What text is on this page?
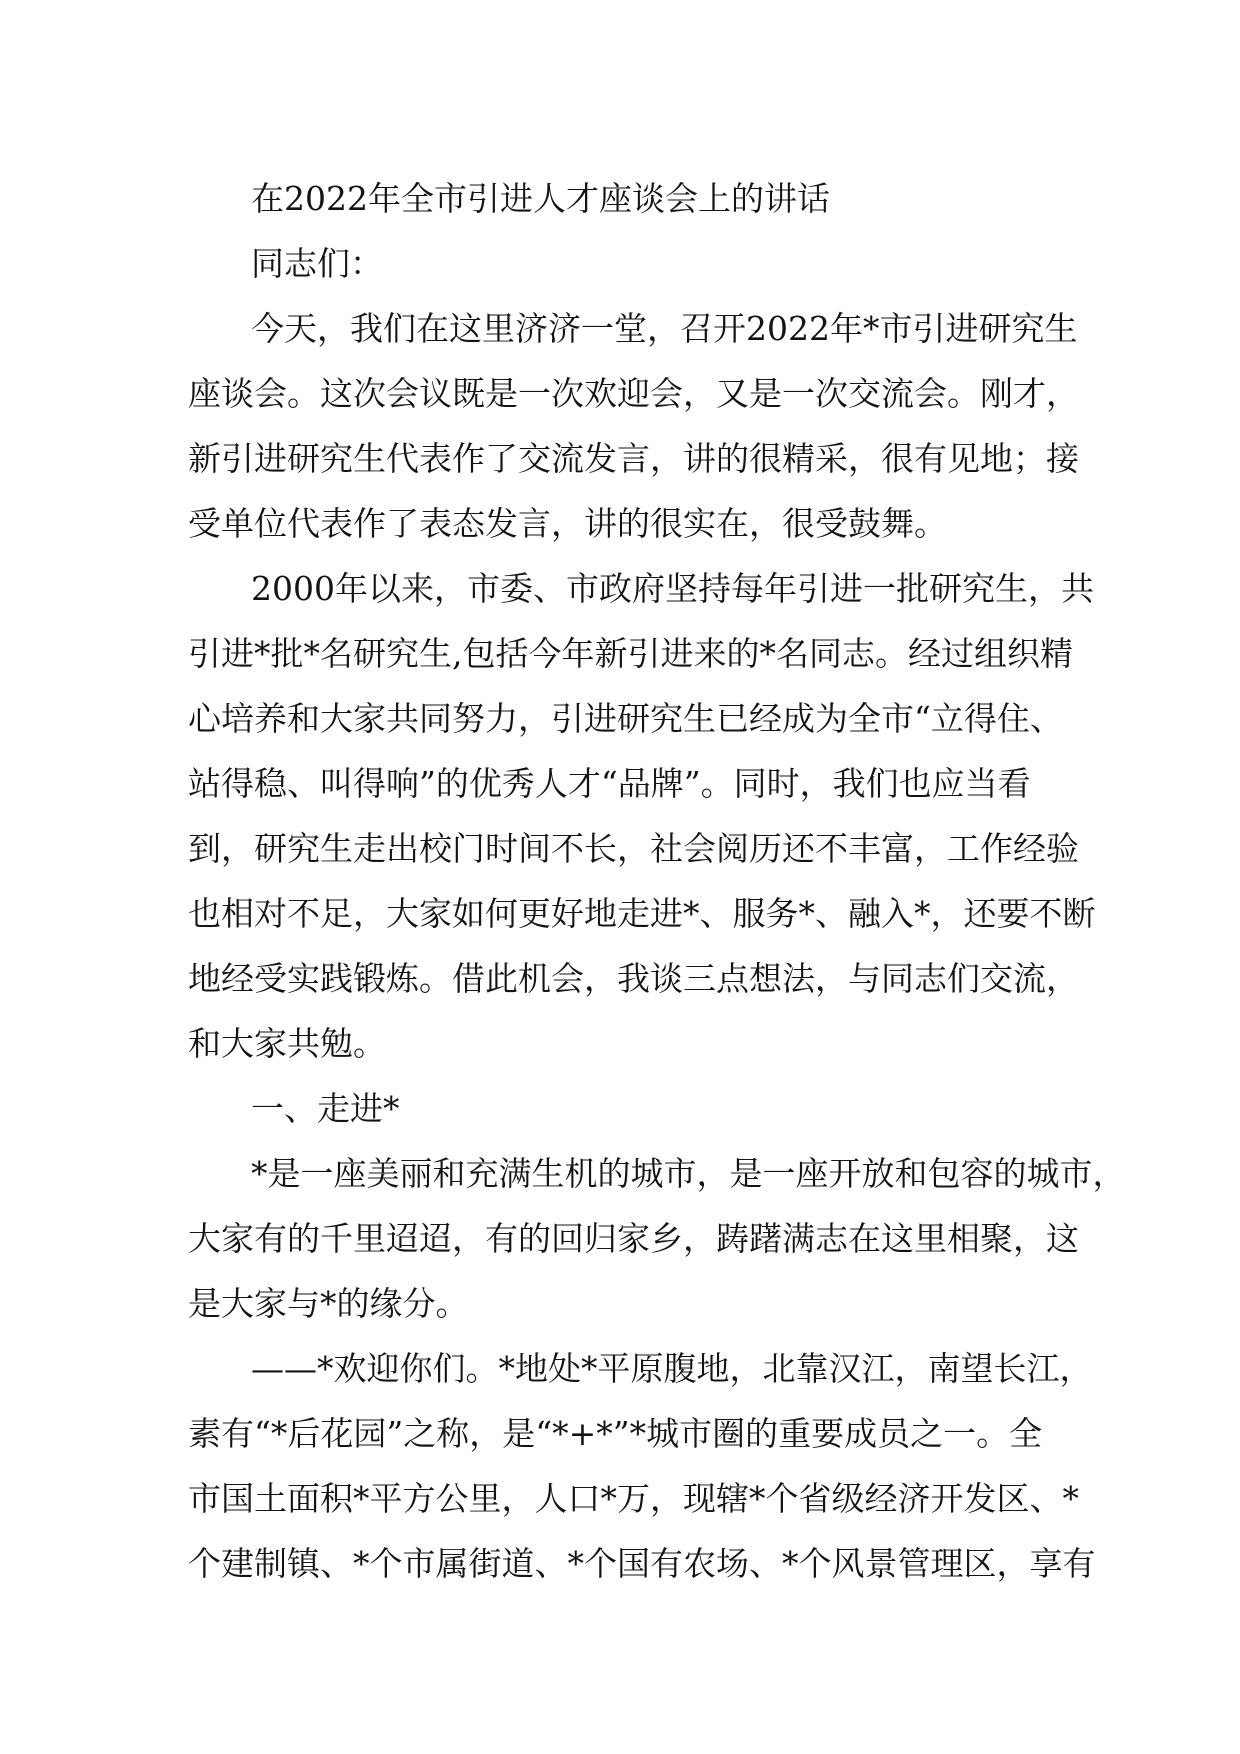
在2022年全市引进人才座谈会上的讲话
同志们：
今天，我们在这里济济一堂，召开2022年*市引进研究生
座谈会。这次会议既是一次欢迎会，又是一次交流会。刚才，
新引进研究生代表作了交流发言，讲的很精采，很有见地；接
受单位代表作了表态发言，讲的很实在，很受鼓舞。
2000年以来，市委、市政府坚持每年引进一批研究生，共
引进*批*名研究生,包括今年新引进来的*名同志。经过组织精
心培养和大家共同努力，引进研究生已经成为全市“立得住、
站得稳、叫得响”的优秀人才“品牌”。同时，我们也应当看
到，研究生走出校门时间不长，社会阅历还不丰富，工作经验
也相对不足，大家如何更好地走进*、服务*、融入*，还要不断
地经受实践锻炼。借此机会，我谈三点想法，与同志们交流，
和大家共勉。
一、走进*
*是一座美丽和充满生机的城市，是一座开放和包容的城市，
大家有的千里迢迢，有的回归家乡，踌躇满志在这里相聚，这
是大家与*的缘分。
——*欢迎你们。*地处*平原腹地，北靠汉江，南望长江，
素有“*后花园”之称，是“*+*”*城市圈的重要成员之一。全
市国土面积*平方公里，人口*万，现辖*个省级经济开发区、*
个建制镇、*个市属街道、*个国有农场、*个风景管理区，享有
